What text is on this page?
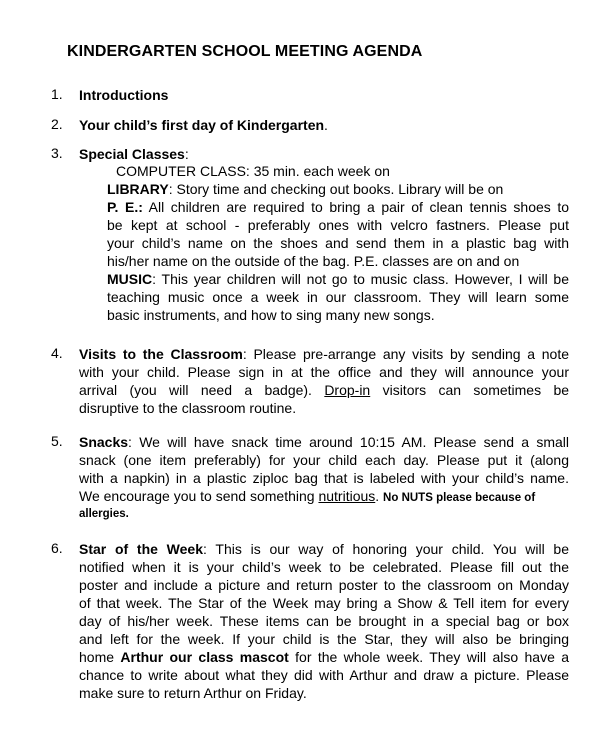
KINDERGARTEN SCHOOL MEETING AGENDA
1. Introductions
2. Your child’s first day of Kindergarten.
3. Special Classes:
COMPUTER CLASS: 35 min. each week on
LIBRARY: Story time and checking out books. Library will be on
P. E.: All children are required to bring a pair of clean tennis shoes to
be kept at school - preferably ones with velcro fastners. Please put
your child’s name on the shoes and send them in a plastic bag with
his/her name on the outside of the bag. P.E. classes are on and on
MUSIC: This year children will not go to music class. However, I will be
teaching music once a week in our classroom. They will learn some
basic instruments, and how to sing many new songs.
4. Visits to the Classroom: Please pre-arrange any visits by sending a note
with your child. Please sign in at the office and they will announce your
arrival (you will need a badge). Drop-in visitors can sometimes be
disruptive to the classroom routine.
5. Snacks: We will have snack time around 10:15 AM. Please send a small
snack (one item preferably) for your child each day. Please put it (along
with a napkin) in a plastic ziploc bag that is labeled with your child’s name.
We encourage you to send something nutritious. No NUTS please because of
allergies.
6. Star of the Week: This is our way of honoring your child. You will be
notified when it is your child’s week to be celebrated. Please fill out the
poster and include a picture and return poster to the classroom on Monday
of that week. The Star of the Week may bring a Show & Tell item for every
day of his/her week. These items can be brought in a special bag or box
and left for the week. If your child is the Star, they will also be bringing
home Arthur our class mascot for the whole week. They will also have a
chance to write about what they did with Arthur and draw a picture. Please
make sure to return Arthur on Friday.
